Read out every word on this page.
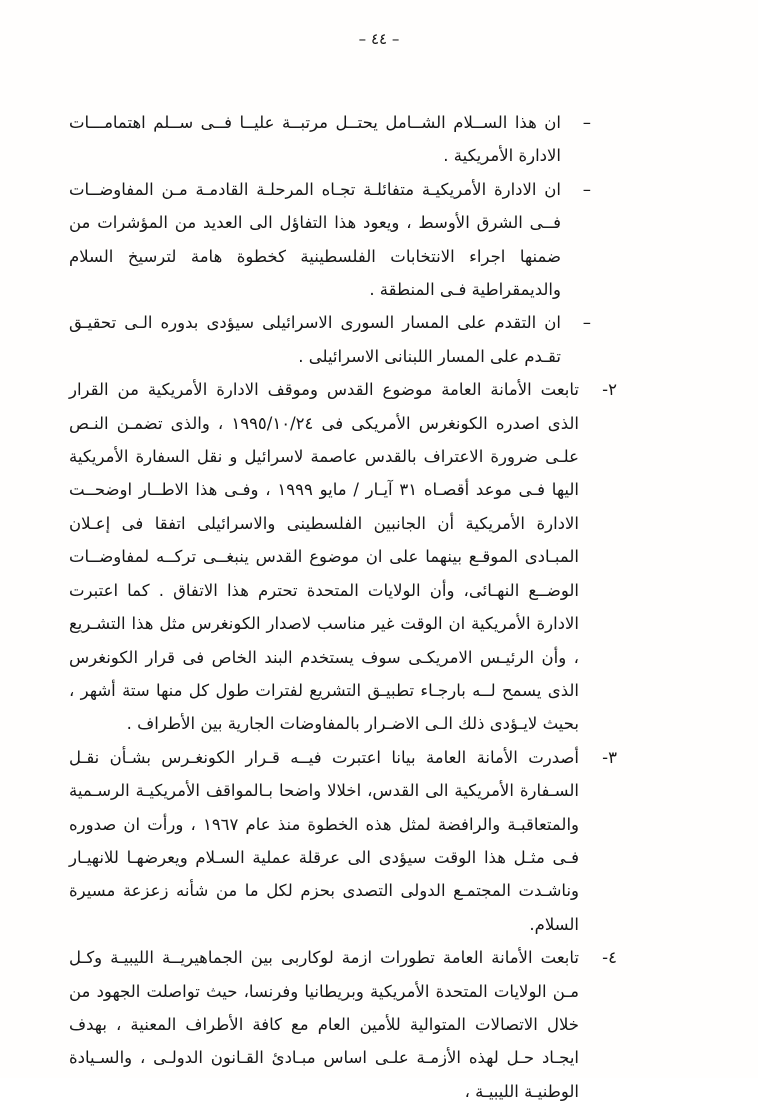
– ٤٤ –
–
ان هذا الســلام الشــامل يحتــل مرتبــة عليــا فــى ســلم اهتمامـــات الادارة الأمريكية .
–
ان الادارة الأمريكيـة متفائلـة تجـاه المرحلـة القادمـة مـن المفاوضــات فــى الشرق الأوسط ، ويعود هذا التفاؤل الى العديد من المؤشرات من ضمنها اجراء الانتخابات الفلسطينية كخطوة هامة لترسيخ السلام والديمقراطية فـى المنطقة .
–
ان التقدم على المسار السورى الاسرائيلى سيؤدى بدوره الـى تحقيـق تقـدم على المسار اللبنانى الاسرائيلى .
٢-
تابعت الأمانة العامة موضوع القدس وموقف الادارة الأمريكية من القرار الذى اصدره الكونغرس الأمريكى فى ١٩٩٥/١٠/٢٤ ، والذى تضمـن النـص علـى ضرورة الاعتراف بالقدس عاصمة لاسرائيل و نقل السفارة الأمريكية اليها فـى موعد أقصـاه ٣١ آيـار / مايو ١٩٩٩ ، وفـى هذا الاطــار اوضحــت الادارة الأمريكية أن الجانبين الفلسطينى والاسرائيلى اتفقا فى إعـلان المبـادى الموقـع بينهما على ان موضوع القدس ينبغــى تركــه لمفاوضــات الوضــع النهـائى، وأن الولايات المتحدة تحترم هذا الاتفاق . كما اعتبرت الادارة الأمريكية ان الوقت غير مناسب لاصدار الكونغرس مثل هذا التشـريع ، وأن الرئيـس الامريكـى سوف يستخدم البند الخاص فى قرار الكونغرس الذى يسمح لــه بارجـاء تطبيـق التشريع لفترات طول كل منها ستة أشهر ، بحيث لايـؤدى ذلك الـى الاضـرار بالمفاوضات الجارية بين الأطراف .
٣-
أصدرت الأمانة العامة بيانا اعتبرت فيــه قـرار الكونغـرس بشـأن نقـل السـفارة الأمريكية الى القدس، اخلالا واضحا بـالمواقف الأمريكيـة الرسـمية والمتعاقبـة والرافضة لمثل هذه الخطوة منذ عام ١٩٦٧ ، ورأت ان صدوره فـى مثـل هذا الوقت سيؤدى الى عرقلة عملية السـلام ويعرضهـا للانهيـار وناشـدت المجتمـع الدولى التصدى بحزم لكل ما من شأنه زعزعة مسيرة السلام.
٤-
تابعت الأمانة العامة تطورات ازمة لوكاربى بين الجماهيريــة الليبيـة وكـل مـن الولايات المتحدة الأمريكية وبريطانيا وفرنسا، حيث تواصلت الجهود من خلال الاتصالات المتوالية للأمين العام مع كافة الأطراف المعنية ، بهدف ايجـاد حـل لهذه الأزمـة علـى اساس مبـادئ القـانون الدولـى ، والسـيادة الوطنيـة الليبيـة ،
